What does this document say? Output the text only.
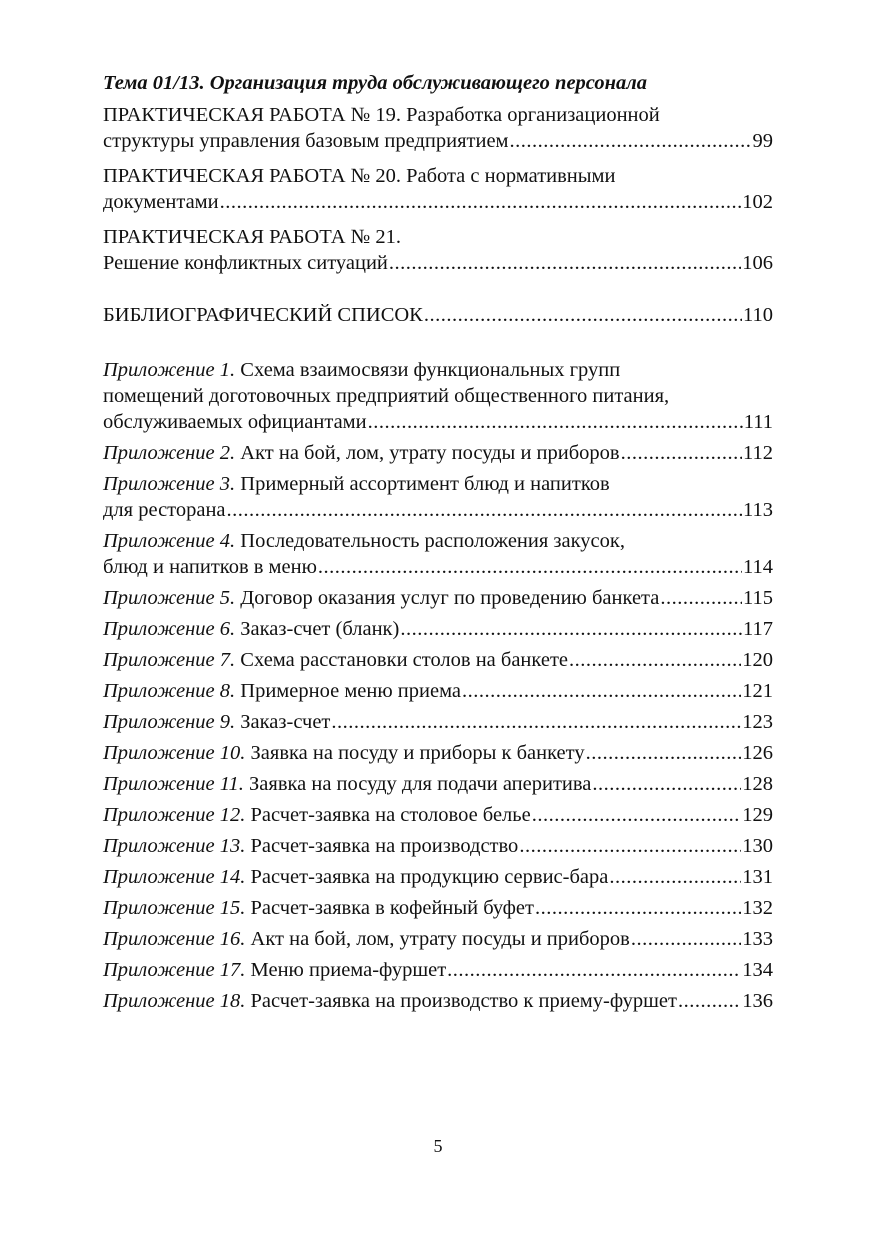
Тема 01/13. Организация труда обслуживающего персонала
ПРАКТИЧЕСКАЯ РАБОТА № 19. Разработка организационной
структуры управления базовым предприятием .....	99
ПРАКТИЧЕСКАЯ РАБОТА № 20. Работа с нормативными
документами .....	102
ПРАКТИЧЕСКАЯ РАБОТА № 21.
Решение конфликтных ситуаций .....	106
БИБЛИОГРАФИЧЕСКИЙ СПИСОК .....	110
Приложение 1. Схема взаимосвязи функциональных групп
помещений доготовочных предприятий общественного питания,
обслуживаемых официантами .....	111
Приложение 2. Акт на бой, лом, утрату посуды и приборов .....	112
Приложение 3. Примерный ассортимент блюд и напитков
для ресторана .....	113
Приложение 4. Последовательность расположения закусок,
блюд и напитков в меню .....	114
Приложение 5. Договор оказания услуг по проведению банкета .....	115
Приложение 6. Заказ-счет (бланк) .....	117
Приложение 7. Схема расстановки столов на банкете .....	120
Приложение 8. Примерное меню приема .....	121
Приложение 9. Заказ-счет .....	123
Приложение 10. Заявка на посуду и приборы к банкету .....	126
Приложение 11. Заявка на посуду для подачи аперитива .....	128
Приложение 12. Расчет-заявка на столовое белье .....	129
Приложение 13. Расчет-заявка на производство .....	130
Приложение 14. Расчет-заявка на продукцию сервис-бара .....	131
Приложение 15. Расчет-заявка в кофейный буфет .....	132
Приложение 16. Акт на бой, лом, утрату посуды и приборов .....	133
Приложение 17. Меню приема-фуршет .....	134
Приложение 18. Расчет-заявка на производство к приему-фуршет .....	136
5
